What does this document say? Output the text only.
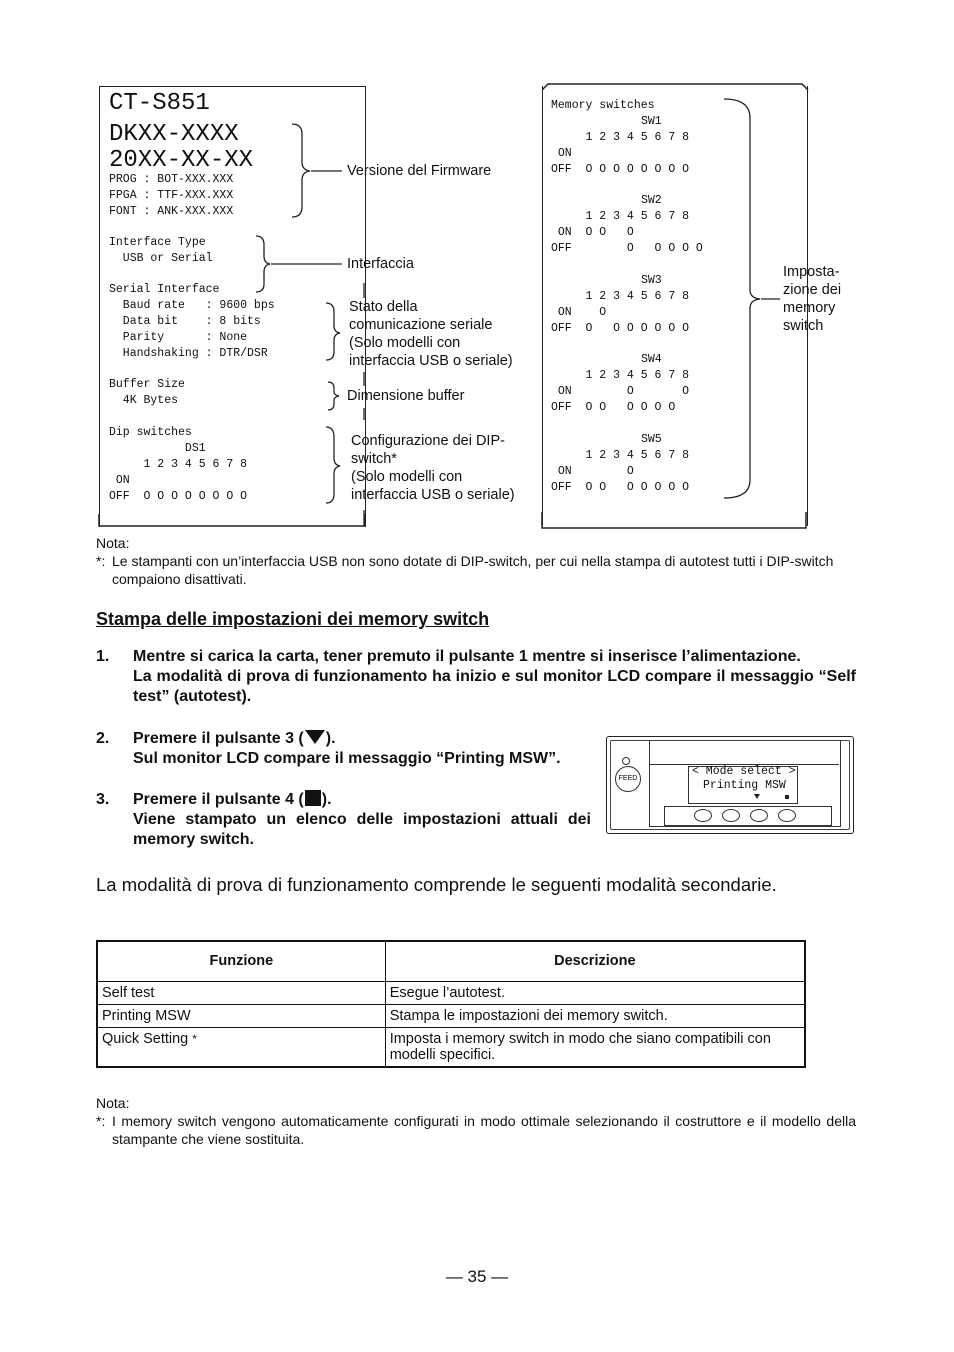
CT-S851
DKXX-XXXX
20XX-XX-XX
PROG : BOT-XXX.XXX
FPGA : TTF-XXX.XXX
FONT : ANK-XXX.XXX
Interface Type
USB or Serial
Serial Interface
Baud rate   : 9600 bps
Data bit    : 8 bits
Parity      : None
Handshaking : DTR/DSR
Buffer Size
4K Bytes
Dip switches
DS1
1 2 3 4 5 6 7 8
ON
OFF  O O O O O O O O
Memory switches
SW1
1 2 3 4 5 6 7 8
ON
OFF  O O O O O O O O
SW2
1 2 3 4 5 6 7 8
ON  O O   O
OFF        O   O O O O
SW3
1 2 3 4 5 6 7 8
ON    O
OFF  O   O O O O O O
SW4
1 2 3 4 5 6 7 8
ON        O       O
OFF  O O   O O O O
SW5
1 2 3 4 5 6 7 8
ON        O
OFF  O O   O O O O O
Versione del Firmware
Interfaccia
Stato della
comunicazione seriale
(Solo modelli con
interfaccia USB o seriale)
Dimensione buffer
Configurazione dei DIP-
switch*
(Solo modelli con
interfaccia USB o seriale)
Imposta-
zione dei
memory
switch
Nota:
*: Le stampanti con un’interfaccia USB non sono dotate di DIP-switch, per cui nella stampa di autotest tutti i DIP-switch compaiono disattivati.
Stampa delle impostazioni dei memory switch
1. Mentre si carica la carta, tener premuto il pulsante 1 mentre si inserisce l’alimentazione.
La modalità di prova di funzionamento ha inizio e sul monitor LCD compare il messaggio “Self test” (autotest).
2. Premere il pulsante 3 ( ).
Sul monitor LCD compare il messaggio “Printing MSW”.
3. Premere il pulsante 4 ( ).
Viene stampato un elenco delle impostazioni attuali dei memory switch.
FEED
< Mode select >
Printing MSW
La modalità di prova di funzionamento comprende le seguenti modalità secondarie.
Funzione	Descrizione
Self test	Esegue l’autotest.
Printing MSW	Stampa le impostazioni dei memory switch.
Quick Setting *	Imposta i memory switch in modo che siano compatibili con modelli specifici.
Nota:
*: I memory switch vengono automaticamente configurati in modo ottimale selezionando il costruttore e il modello della stampante che viene sostituita.
— 35 —
